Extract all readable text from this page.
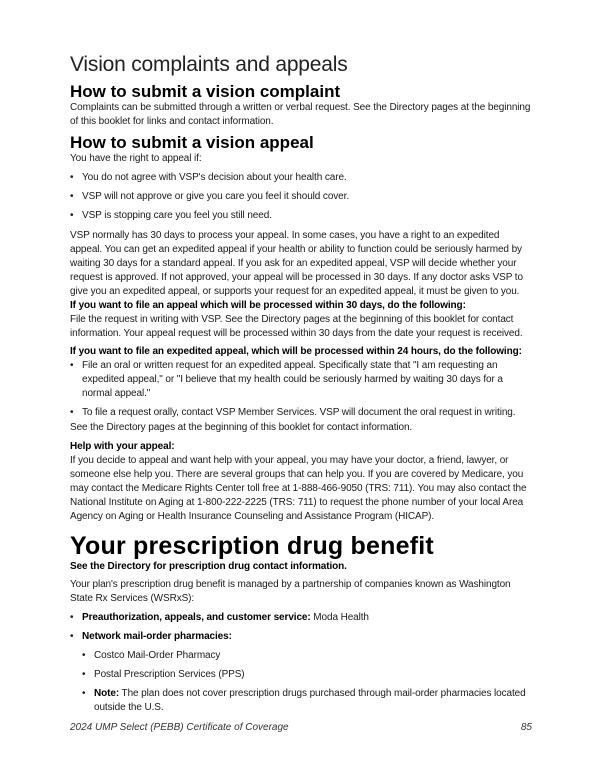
Vision complaints and appeals
How to submit a vision complaint

Complaints can be submitted through a written or verbal request. See the Directory pages at the beginning of this booklet for links and contact information.

How to submit a vision appeal

You have the right to appeal if:

• You do not agree with VSP's decision about your health care.
• VSP will not approve or give you care you feel it should cover.
• VSP is stopping care you feel you still need.

VSP normally has 30 days to process your appeal. In some cases, you have a right to an expedited appeal. You can get an expedited appeal if your health or ability to function could be seriously harmed by waiting 30 days for a standard appeal. If you ask for an expedited appeal, VSP will decide whether your request is approved. If not approved, your appeal will be processed in 30 days. If any doctor asks VSP to give you an expedited appeal, or supports your request for an expedited appeal, it must be given to you.

If you want to file an appeal which will be processed within 30 days, do the following:

File the request in writing with VSP. See the Directory pages at the beginning of this booklet for contact information. Your appeal request will be processed within 30 days from the date your request is received.

If you want to file an expedited appeal, which will be processed within 24 hours, do the following:

• File an oral or written request for an expedited appeal. Specifically state that "I am requesting an expedited appeal," or "I believe that my health could be seriously harmed by waiting 30 days for a normal appeal."
• To file a request orally, contact VSP Member Services. VSP will document the oral request in writing.

See the Directory pages at the beginning of this booklet for contact information.

Help with your appeal:

If you decide to appeal and want help with your appeal, you may have your doctor, a friend, lawyer, or someone else help you. There are several groups that can help you. If you are covered by Medicare, you may contact the Medicare Rights Center toll free at 1-888-466-9050 (TRS: 711). You may also contact the National Institute on Aging at 1-800-222-2225 (TRS: 711) to request the phone number of your local Area Agency on Aging or Health Insurance Counseling and Assistance Program (HICAP).

Your prescription drug benefit

See the Directory for prescription drug contact information.

Your plan's prescription drug benefit is managed by a partnership of companies known as Washington State Rx Services (WSRxS):

• Preauthorization, appeals, and customer service: Moda Health
• Network mail-order pharmacies:
• Costco Mail-Order Pharmacy
• Postal Prescription Services (PPS)
• Note: The plan does not cover prescription drugs purchased through mail-order pharmacies located outside the U.S.
2024 UMP Select (PEBB) Certificate of Coverage	85
